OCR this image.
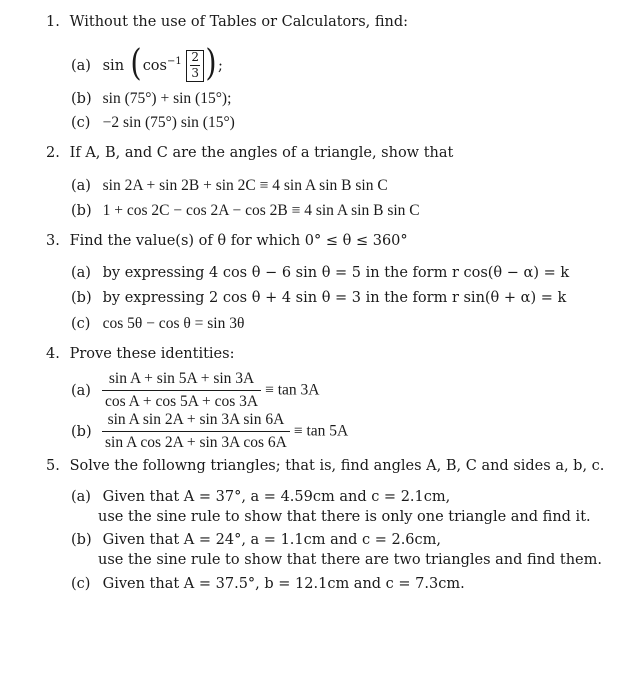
1. Without the use of Tables or Calculators, find:
(a) $\sin (\cos^{-1} \frac{2}{3}$ );
(b) sin (75°) + sin (15°);
(c) −2 sin (75°) sin (15°)
2. If A, B, and C are the angles of a triangle, show that
(a) sin 2A + sin 2B + sin 2C ≡ 4 sin A sin B sin C
(b) 1 + cos 2C − cos 2A − cos 2B ≡ 4 sin A sin B sin C
3. Find the value(s) of θ for which 0° ≤ θ ≤ 360°
(a) by expressing 4 cos θ − 6 sin θ = 5 in the form r cos(θ − α) = k
(b) by expressing 2 cos θ + 4 sin θ = 3 in the form r sin(θ + α) = k
(c) cos 5θ − cos θ = sin 3θ
4. Prove these identities:
$(a) \frac{\text{sin A + sin 5A + sin 3A}}{\text{cos A + cos 5A + cos 3A}} \equiv \tan 3A$
$(b) \frac{\text{sin A sin 2A + sin 3A sin 6A}}{\text{sin A cos 2A + sin 3A cos 6A}} \equiv \tan 5A$
5. Solve the followng triangles; that is, find angles A, B, C and sides a, b, c.
(a) Given that A = 37°, a = 4.59cm and c = 2.1cm,
use the sine rule to show that there is only one triangle and find it.
(b) Given that A = 24°, a = 1.1cm and c = 2.6cm,
use the sine rule to show that there are two triangles and find them.
(c) Given that A = 37.5°, b = 12.1cm and c = 7.3cm.
